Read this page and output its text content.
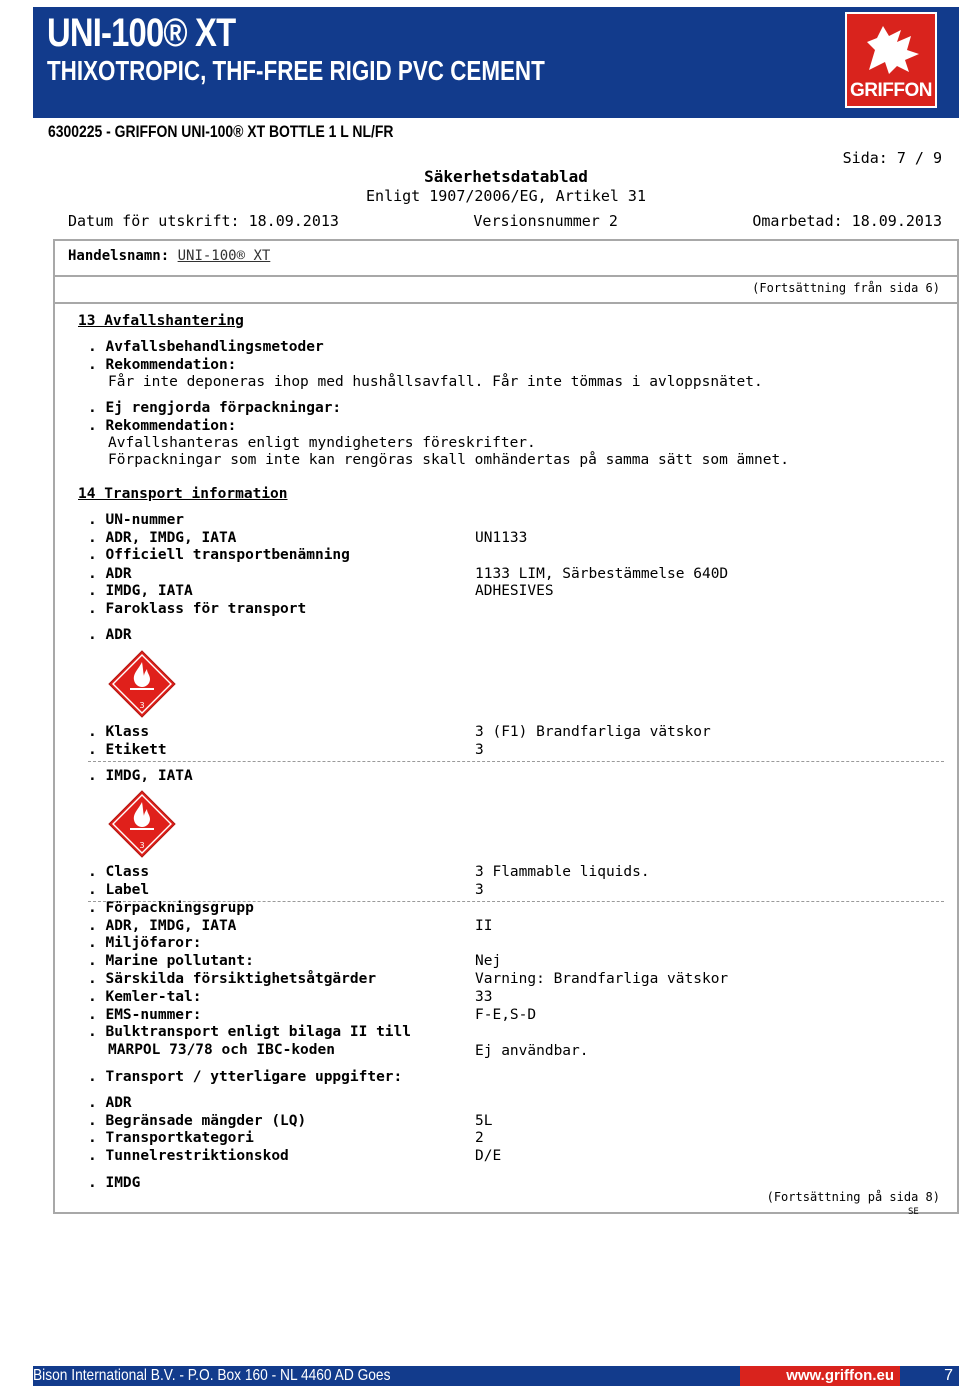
UNI-100® XT
THIXOTROPIC, THF-FREE RIGID PVC CEMENT
GRIFFON
6300225 - GRIFFON UNI-100® XT BOTTLE 1 L NL/FR
Sida: 7 / 9
Säkerhetsdatablad
Enligt 1907/2006/EG, Artikel 31
Datum för utskrift: 18.09.2013	Versionsnummer 2	Omarbetad: 18.09.2013
Handelsnamn: UNI-100® XT
(Fortsättning från sida 6)
13 Avfallshantering
. Avfallsbehandlingsmetoder
. Rekommendation:
Får inte deponeras ihop med hushållsavfall. Får inte tömmas i avloppsnätet.
. Ej rengjorda förpackningar:
. Rekommendation:
Avfallshanteras enligt myndigheters föreskrifter.
Förpackningar som inte kan rengöras skall omhändertas på samma sätt som ämnet.
14 Transport information
. UN-nummer
. ADR, IMDG, IATA	UN1133
. Officiell transportbenämning
. ADR	1133 LIM, Särbestämmelse 640D
. IMDG, IATA	ADHESIVES
. Faroklass för transport
. ADR
3
. Klass	3 (F1) Brandfarliga vätskor
. Etikett	3
. IMDG, IATA
3
. Class	3 Flammable liquids.
. Label	3
. Förpackningsgrupp
. ADR, IMDG, IATA	II
. Miljöfaror:
. Marine pollutant:	Nej
. Särskilda försiktighetsåtgärder	Varning: Brandfarliga vätskor
. Kemler-tal:	33
. EMS-nummer:	F-E,S-D
. Bulktransport enligt bilaga II till
MARPOL 73/78 och IBC-koden	Ej användbar.
. Transport / ytterligare uppgifter:
. ADR
. Begränsade mängder (LQ)	5L
. Transportkategori	2
. Tunnelrestriktionskod	D/E
. IMDG
(Fortsättning på sida 8)
SE
Bison International B.V. - P.O. Box 160 - NL 4460 AD Goes	www.griffon.eu	7
